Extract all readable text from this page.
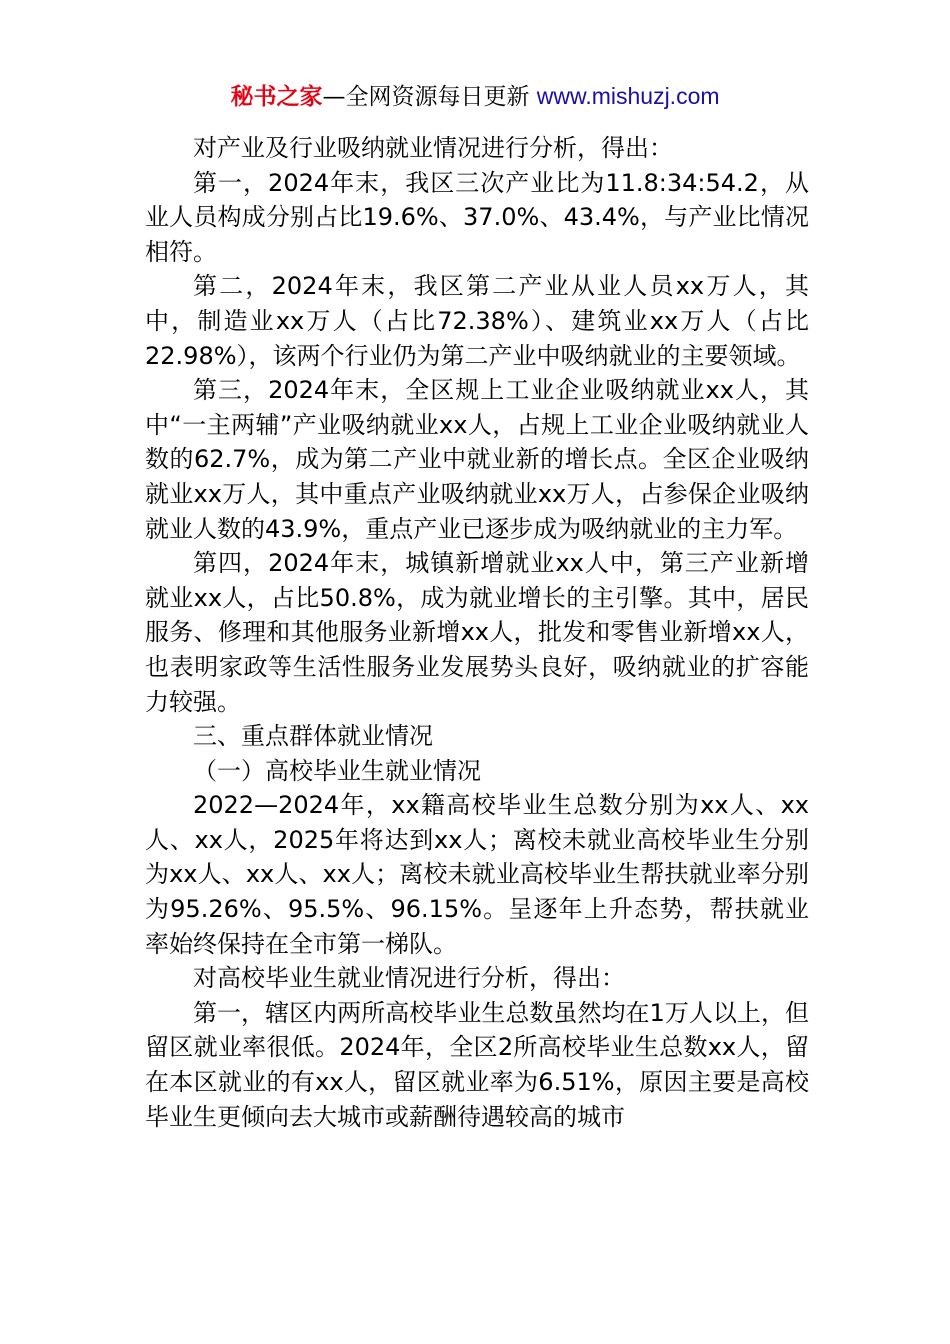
秘书之家—全网资源每日更新 www.mishuzj.com

对产业及行业吸纳就业情况进行分析，得出：

第一，2024年末，我区三次产业比为11.8:34:54.2，从业人员构成分别占比19.6%、37.0%、43.4%，与产业比情况相符。

第二，2024年末，我区第二产业从业人员xx万人，其中，制造业xx万人（占比72.38%）、建筑业xx万人（占比22.98%），该两个行业仍为第二产业中吸纳就业的主要领域。

第三，2024年末，全区规上工业企业吸纳就业xx人，其中“一主两辅”产业吸纳就业xx人，占规上工业企业吸纳就业人数的62.7%，成为第二产业中就业新的增长点。全区企业吸纳就业xx万人，其中重点产业吸纳就业xx万人，占参保企业吸纳就业人数的43.9%，重点产业已逐步成为吸纳就业的主力军。

第四，2024年末，城镇新增就业xx人中，第三产业新增就业xx人，占比50.8%，成为就业增长的主引擎。其中，居民服务、修理和其他服务业新增xx人，批发和零售业新增xx人，也表明家政等生活性服务业发展势头良好，吸纳就业的扩容能力较强。

三、重点群体就业情况

（一）高校毕业生就业情况

2022—2024年，xx籍高校毕业生总数分别为xx人、xx人、xx人，2025年将达到xx人；离校未就业高校毕业生分别为xx人、xx人、xx人；离校未就业高校毕业生帮扶就业率分别为95.26%、95.5%、96.15%。呈逐年上升态势，帮扶就业率始终保持在全市第一梯队。

对高校毕业生就业情况进行分析，得出：

第一，辖区内两所高校毕业生总数虽然均在1万人以上，但留区就业率很低。2024年，全区2所高校毕业生总数xx人，留在本区就业的有xx人，留区就业率为6.51%，原因主要是高校毕业生更倾向去大城市或薪酬待遇较高的城市
